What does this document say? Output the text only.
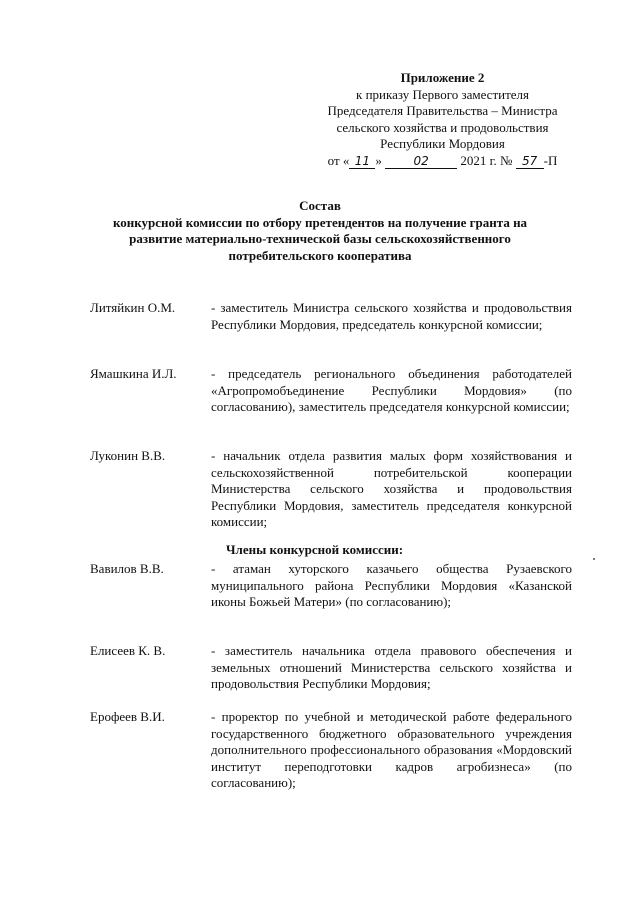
Приложение 2
к приказу Первого заместителя
Председателя Правительства – Министра
сельского хозяйства и продовольствия
Республики Мордовия
от « 11 »	02 2021 г. № 57 -П
Состав
конкурсной комиссии по отбору претендентов на получение гранта на развитие материально-технической базы сельскохозяйственного потребительского кооператива
Литяйкин О.М.	- заместитель Министра сельского хозяйства и продовольствия Республики Мордовия, председатель конкурсной комиссии;
Ямашкина И.Л.	- председатель регионального объединения работодателей «Агропромобъединение Республики Мордовия» (по согласованию), заместитель председателя конкурсной комиссии;
Луконин В.В.	- начальник отдела развития малых форм хозяйствования и сельскохозяйственной потребительской кооперации Министерства сельского хозяйства и продовольствия Республики Мордовия, заместитель председателя конкурсной комиссии;
Члены конкурсной комиссии:
Вавилов В.В.	- атаман хуторского казачьего общества Рузаевского муниципального района Республики Мордовия «Казанской иконы Божьей Матери» (по согласованию);
Елисеев К. В.	- заместитель начальника отдела правового обеспечения и земельных отношений Министерства сельского хозяйства и продовольствия Республики Мордовия;
Ерофеев В.И.	- проректор по учебной и методической работе федерального государственного бюджетного образовательного учреждения дополнительного профессионального образования «Мордовский институт переподготовки кадров агробизнеса» (по согласованию);
